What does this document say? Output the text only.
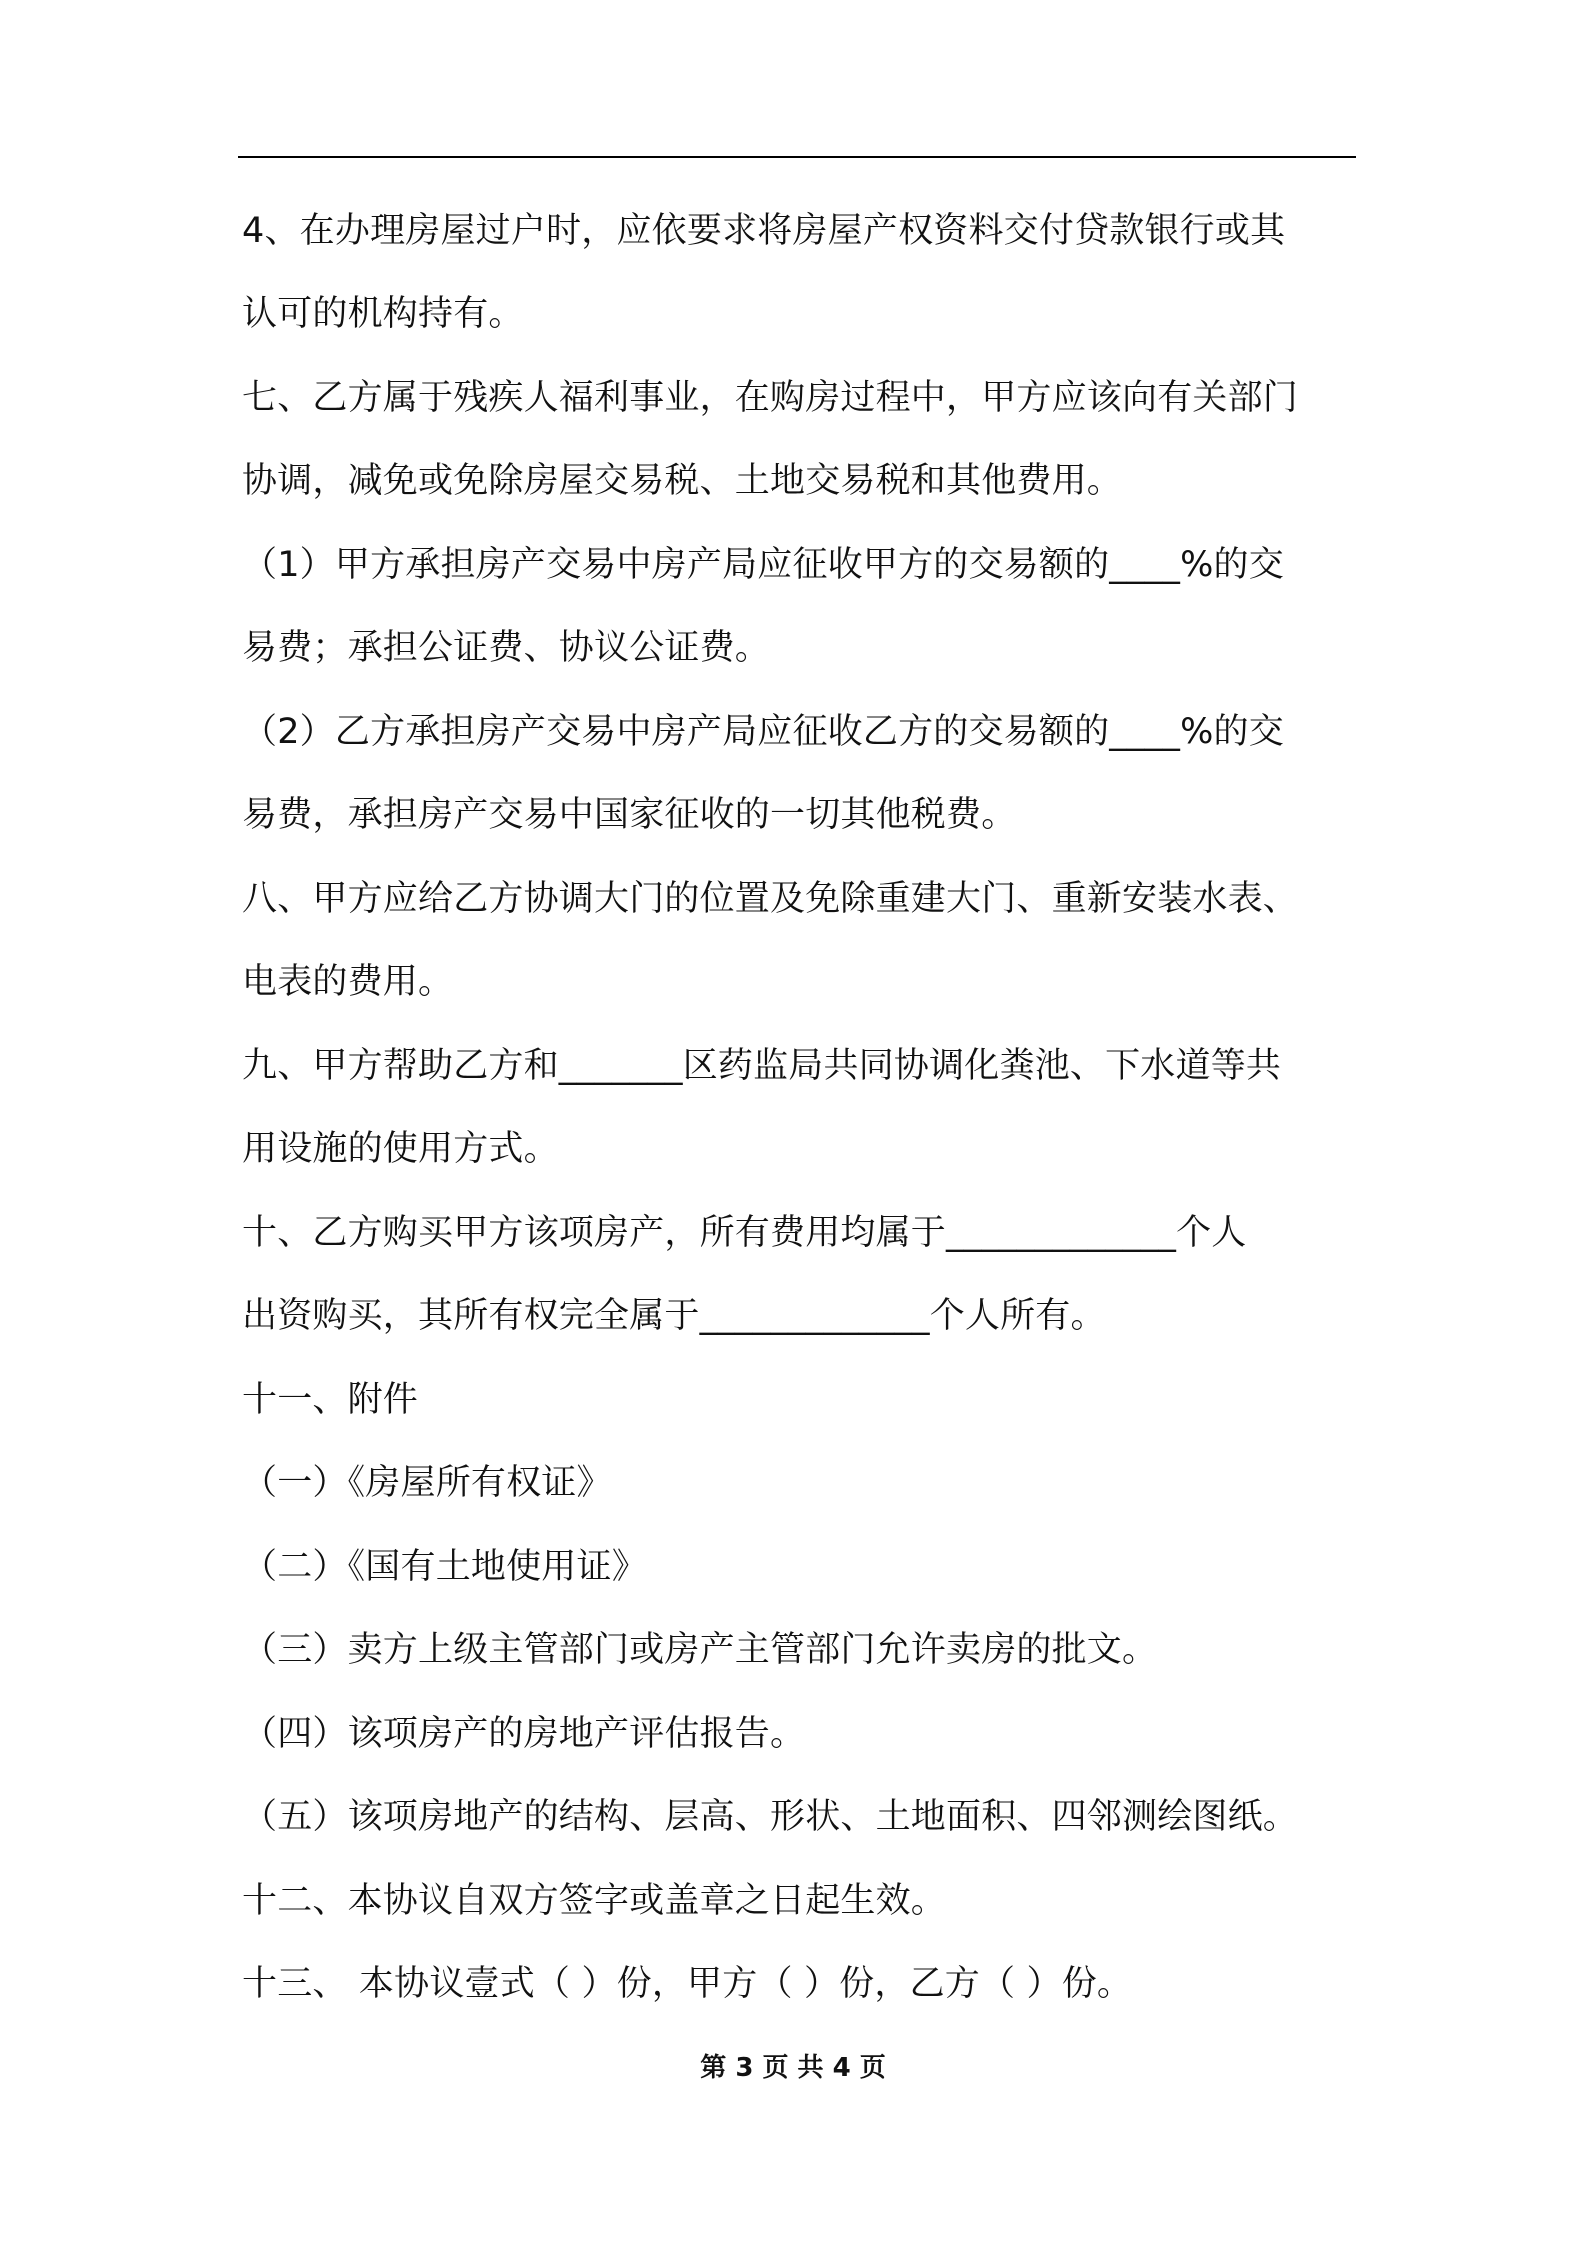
4、在办理房屋过户时，应依要求将房屋产权资料交付贷款银行或其
认可的机构持有。
七、乙方属于残疾人福利事业，在购房过程中，甲方应该向有关部门
协调，减免或免除房屋交易税、土地交易税和其他费用。
（1）甲方承担房产交易中房产局应征收甲方的交易额的____%的交
易费；承担公证费、协议公证费。
（2）乙方承担房产交易中房产局应征收乙方的交易额的____%的交
易费，承担房产交易中国家征收的一切其他税费。
八、甲方应给乙方协调大门的位置及免除重建大门、重新安装水表、
电表的费用。
九、甲方帮助乙方和_______区药监局共同协调化粪池、下水道等共
用设施的使用方式。
十、乙方购买甲方该项房产，所有费用均属于_____________个人
出资购买，其所有权完全属于_____________个人所有。
十一、附件
（一）《房屋所有权证》
（二）《国有土地使用证》
（三）卖方上级主管部门或房产主管部门允许卖房的批文。
（四）该项房产的房地产评估报告。
（五）该项房地产的结构、层高、形状、土地面积、四邻测绘图纸。
十二、本协议自双方签字或盖章之日起生效。
十三、 本协议壹式（ ）份，甲方（ ）份，乙方（ ）份。
第 3 页 共 4 页
